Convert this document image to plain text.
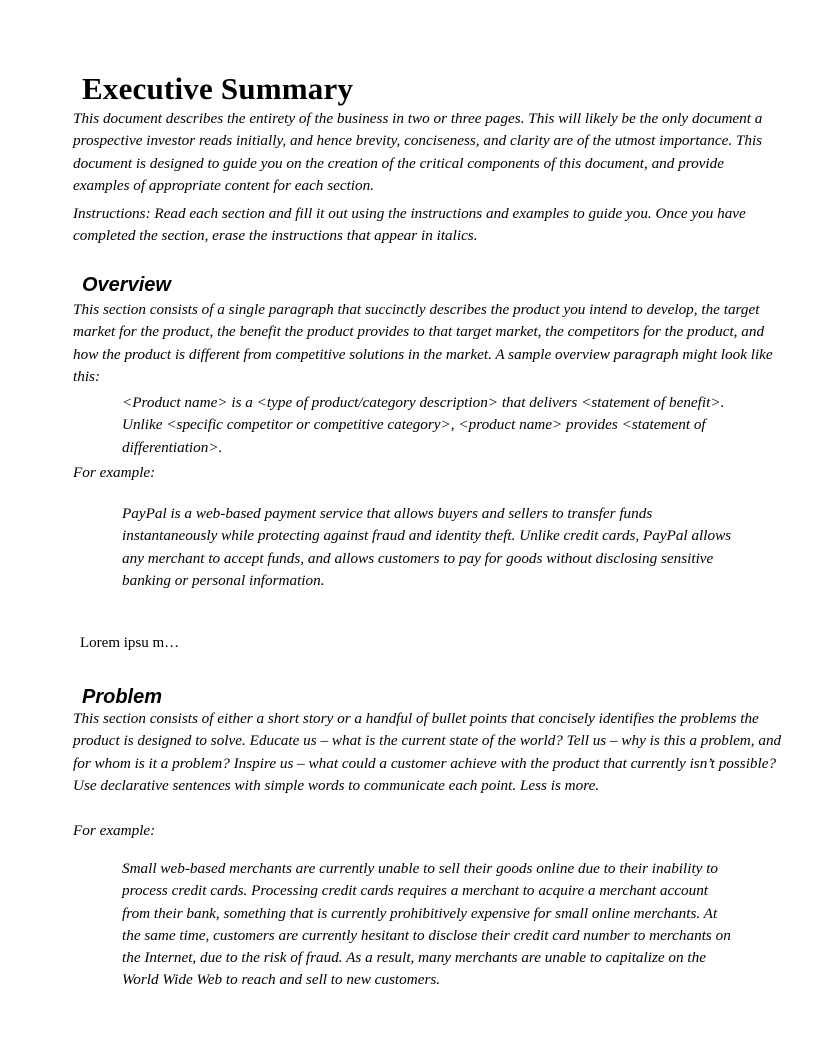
Executive Summary

This document describes the entirety of the business in two or three pages. This will likely be the only document a prospective investor reads initially, and hence brevity, conciseness, and clarity are of the utmost importance. This document is designed to guide you on the creation of the critical components of this document, and provide examples of appropriate content for each section.

Instructions: Read each section and fill it out using the instructions and examples to guide you. Once you have completed the section, erase the instructions that appear in italics.

Overview

This section consists of a single paragraph that succinctly describes the product you intend to develop, the target market for the product, the benefit the product provides to that target market, the competitors for the product, and how the product is different from competitive solutions in the market. A sample overview paragraph might look like this:

<Product name> is a <type of product/category description> that delivers <statement of benefit>. Unlike <specific competitor or competitive category>, <product name> provides <statement of differentiation>.

For example:

PayPal is a web-based payment service that allows buyers and sellers to transfer funds instantaneously while protecting against fraud and identity theft. Unlike credit cards, PayPal allows any merchant to accept funds, and allows customers to pay for goods without disclosing sensitive banking or personal information.

Lorem ipsu m…
Problem

This section consists of either a short story or a handful of bullet points that concisely identifies the problems the product is designed to solve. Educate us – what is the current state of the world? Tell us – why is this a problem, and for whom is it a problem? Inspire us – what could a customer achieve with the product that currently isn’t possible? Use declarative sentences with simple words to communicate each point. Less is more.

For example:

Small web-based merchants are currently unable to sell their goods online due to their inability to process credit cards. Processing credit cards requires a merchant to acquire a merchant account from their bank, something that is currently prohibitively expensive for small online merchants. At the same time, customers are currently hesitant to disclose their credit card number to merchants on the Internet, due to the risk of fraud. As a result, many merchants are unable to capitalize on the World Wide Web to reach and sell to new customers.
